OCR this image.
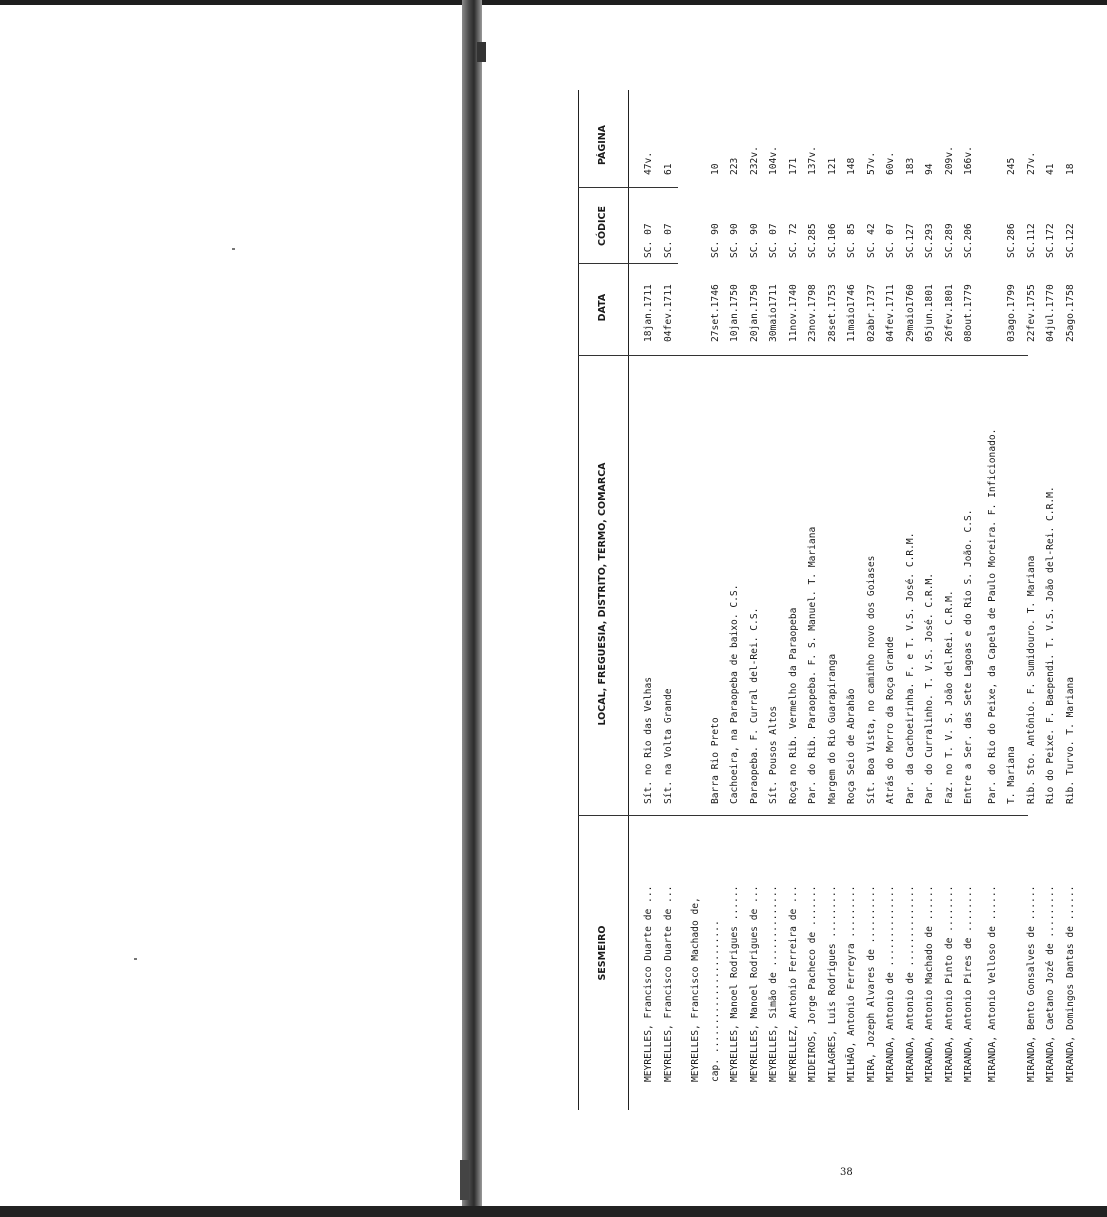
SESMEIRO
LOCAL, FREGUESIA, DISTRITO, TERMO, COMARCA
DATA
CÓDICE
PÁGINA
MEYRELLES, Francisco Duarte de ...
Sít. no Rio das Velhas
18jan.1711
SC. 07
47v.
MEYRELLES, Francisco Duarte de ...
Sít. na Volta Grande
04fev.1711
SC. 07
61
MEYRELLES, Francisco Machado de, cap. .......................
Barra Rio Preto
27set.1746
SC. 90
10
MEYRELLES, Manoel Rodrigues ......
Cachoeira, na Paraopeba de baixo. C.S.
10jan.1750
SC. 90
223
MEYRELLES, Manoel Rodrigues de ...
Paraopeba. F. Curral del-Rei. C.S.
20jan.1750
SC. 90
232v.
MEYRELLES, Simão de ..............
Sít. Pousos Altos
30maio1711
SC. 07
104v.
MEYRELLEZ, Antonio Ferreira de ...
Roça no Rib. Vermelho da Paraopeba
11nov.1740
SC. 72
171
MIDEIROS, Jorge Pacheco de .......
Par. do Rib. Paraopeba. F. S. Manuel. T. Mariana
23nov.1798
SC.285
137v.
MILAGRES, Luis Rodrigues .........
Margem do Rio Guarapiranga
28set.1753
SC.106
121
MILHÃO, Antonio Ferreyra .........
Roça Seio de Abrahão
11maio1746
SC. 85
148
MIRA, Jozeph Alvares de ..........
Sít. Boa Vista, no caminho novo dos Goiases
02abr.1737
SC. 42
57v.
MIRANDA, Antonio de ..............
Atrás do Morro da Roça Grande
04fev.1711
SC. 07
60v.
MIRANDA, Antonio de ..............
Par. da Cachoeirinha. F. e T. V.S. José. C.R.M.
29maio1760
SC.127
183
MIRANDA, Antonio Machado de ......
Par. do Curralinho. T. V.S. José. C.R.M.
05jun.1801
SC.293
94
MIRANDA, Antonio Pinto de ........
Faz. no T. V. S. João del.Rei. C.R.M.
26fev.1801
SC.289
209v.
MIRANDA, Antonio Pires de ........
Entre a Ser. das Sete Lagoas e do Rio S. João. C.S.
08out.1779
SC.206
166v.
MIRANDA, Antonio Velloso de ......
Par. do Rio do Peixe, da Capela de Paulo Moreira. F. Inficionado. T. Mariana
03ago.1799
SC.286
245
MIRANDA, Bento Gonsalves de ......
Rib. Sto. Antônio. F. Sumidouro. T. Mariana
22fev.1755
SC.112
27v.
MIRANDA, Caetano Jozé de .........
Rio do Peixe. F. Baependi. T. V.S. João del-Rei. C.R.M.
04jul.1770
SC.172
41
MIRANDA, Domingos Dantas de ......
Rib. Turvo. T. Mariana
25ago.1758
SC.122
18
38
